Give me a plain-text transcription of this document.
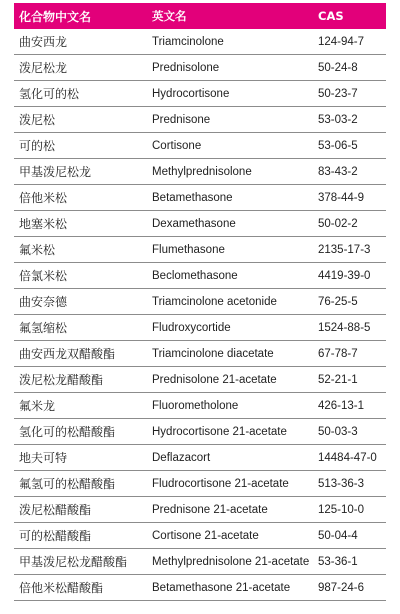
化合物中文名	英文名	CAS
曲安西龙	Triamcinolone	124-94-7
泼尼松龙	Prednisolone	50-24-8
氢化可的松	Hydrocortisone	50-23-7
泼尼松	Prednisone	53-03-2
可的松	Cortisone	53-06-5
甲基泼尼松龙	Methylprednisolone	83-43-2
倍他米松	Betamethasone	378-44-9
地塞米松	Dexamethasone	50-02-2
氟米松	Flumethasone	2135-17-3
倍氯米松	Beclomethasone	4419-39-0
曲安奈德	Triamcinolone acetonide	76-25-5
氟氢缩松	Fludroxycortide	1524-88-5
曲安西龙双醋酸酯	Triamcinolone diacetate	67-78-7
泼尼松龙醋酸酯	Prednisolone 21-acetate	52-21-1
氟米龙	Fluorometholone	426-13-1
氢化可的松醋酸酯	Hydrocortisone 21-acetate	50-03-3
地夫可特	Deflazacort	14484-47-0
氟氢可的松醋酸酯	Fludrocortisone 21-acetate	513-36-3
泼尼松醋酸酯	Prednisone 21-acetate	125-10-0
可的松醋酸酯	Cortisone 21-acetate	50-04-4
甲基泼尼松龙醋酸酯	Methylprednisolone 21-acetate 53-36-1
倍他米松醋酸酯	Betamethasone 21-acetate	987-24-6
